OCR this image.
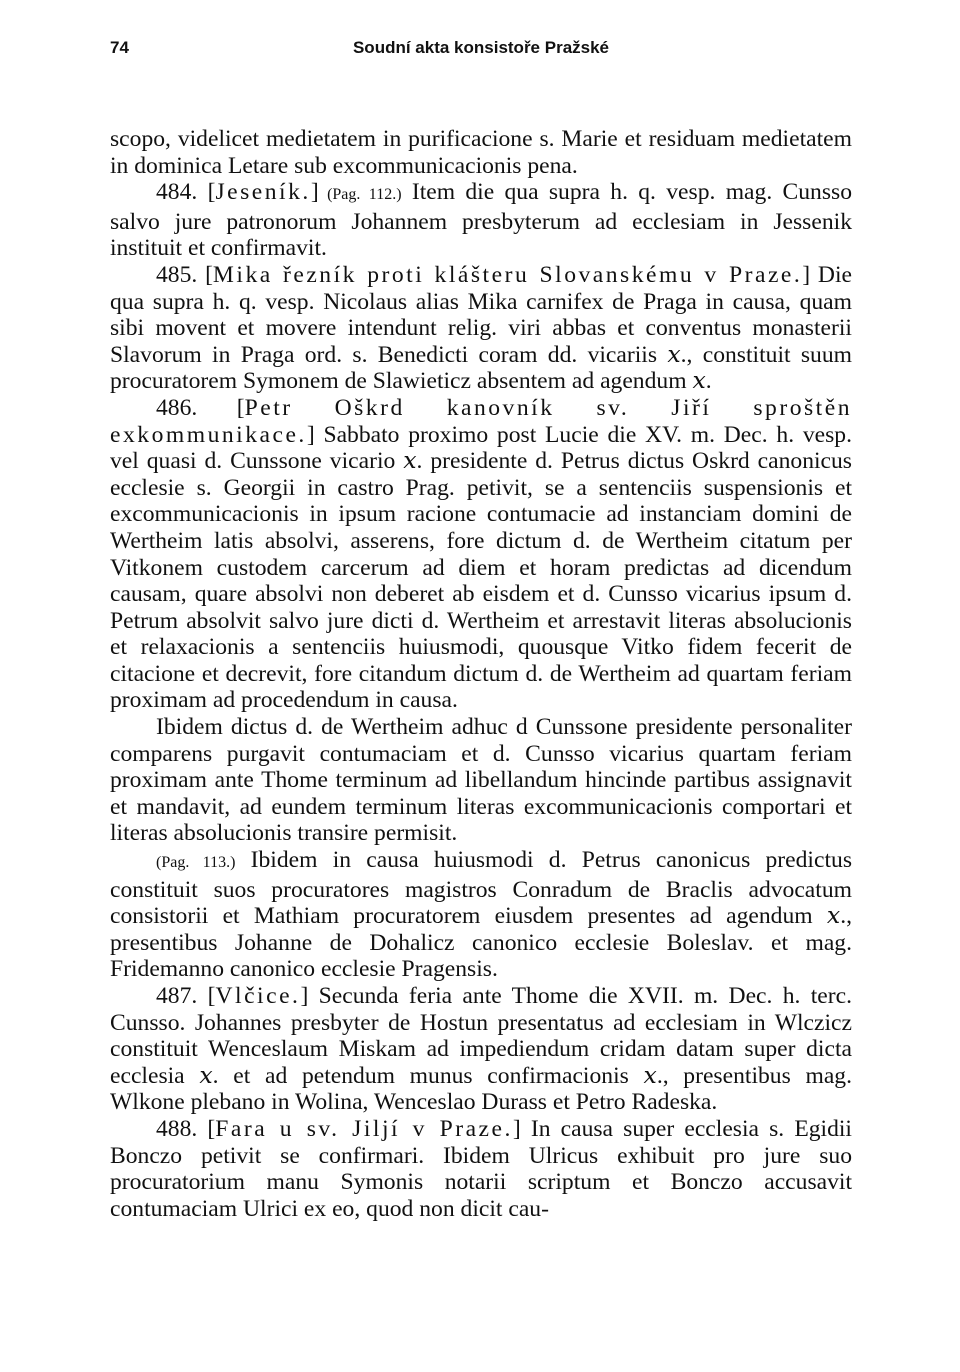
74	Soudní akta konsistoře Pražské

scopo, videlicet medietatem in purificacione s. Marie et residuam medietatem in dominica Letare sub excommunicacionis pena.

484. [Jeseník.] (Pag. 112.) Item die qua supra h. q. vesp. mag. Cunsso salvo jure patronorum Johannem presbyterum ad ecclesiam in Jessenik instituit et confirmavit.

485. [Mika řezník proti klášteru Slovanskému v Praze.] Die qua supra h. q. vesp. Nicolaus alias Mika carnifex de Praga in causa, quam sibi movent et movere intendunt relig. viri abbas et conventus monasterii Slavorum in Praga ord. s. Benedicti coram dd. vicariis 𝑥., constituit suum procuratorem Symonem de Slawieticz absentem ad agendum 𝑥.

486. [Petr Oškrd kanovník sv. Jiří sproštěn exkommunikace.] Sabbato proximo post Lucie die XV. m. Dec. h. vesp. vel quasi d. Cunssone vicario 𝑥. presidente d. Petrus dictus Oskrd canonicus ecclesie s. Georgii in castro Prag. petivit, se a sentenciis suspensionis et excommunicacionis in ipsum racione contumacie ad instanciam domini de Wertheim latis absolvi, asserens, fore dictum d. de Wertheim citatum per Vitkonem custodem carcerum ad diem et horam predictas ad dicendum causam, quare absolvi non deberet ab eisdem et d. Cunsso vicarius ipsum d. Petrum absolvit salvo jure dicti d. Wertheim et arrestavit literas absolucionis et relaxacionis a sentenciis huiusmodi, quousque Vitko fidem fecerit de citacione et decrevit, fore citandum dictum d. de Wertheim ad quartam feriam proximam ad procedendum in causa.

Ibidem dictus d. de Wertheim adhuc d Cunssone presidente personaliter comparens purgavit contumaciam et d. Cunsso vicarius quartam feriam proximam ante Thome terminum ad libellandum hincinde partibus assignavit et mandavit, ad eundem terminum literas excommunicacionis comportari et literas absolucionis transire permisit.

(Pag. 113.) Ibidem in causa huiusmodi d. Petrus canonicus predictus constituit suos procuratores magistros Conradum de Braclis advocatum consistorii et Mathiam procuratorem eiusdem presentes ad agendum 𝑥., presentibus Johanne de Dohalicz canonico ecclesie Boleslav. et mag. Fridemanno canonico ecclesie Pragensis.

487. [Vlčice.] Secunda feria ante Thome die XVII. m. Dec. h. terc. Cunsso. Johannes presbyter de Hostun presentatus ad ecclesiam in Wlczicz constituit Wenceslaum Miskam ad impediendum cridam datam super dicta ecclesia 𝑥. et ad petendum munus confirmacionis 𝑥., presentibus mag. Wlkone plebano in Wolina, Wenceslao Durass et Petro Radeska.

488. [Fara u sv. Jiljí v Praze.] In causa super ecclesia s. Egidii Bonczo petivit se confirmari. Ibidem Ulricus exhibuit pro jure suo procuratorium manu Symonis notarii scriptum et Bonczo accusavit contumaciam Ulrici ex eo, quod non dicit cau-
